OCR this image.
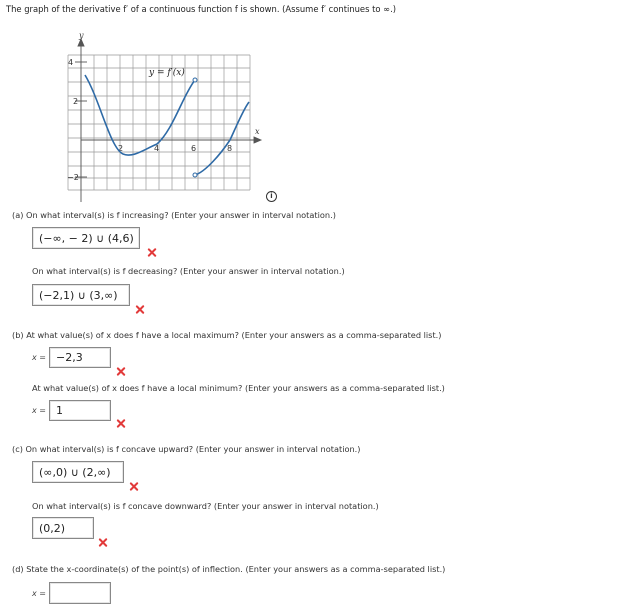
The graph of the derivative f′ of a continuous function f is shown. (Assume f′ continues to ∞.)
y
x
4
2
−2
2	4	6	8
y = f′(x)
i
(a) On what interval(s) is f increasing? (Enter your answer in interval notation.)
(−∞, − 2) ∪ (4,6)
On what interval(s) is f decreasing? (Enter your answer in interval notation.)
(−2,1) ∪ (3,∞)
(b) At what value(s) of x does f have a local maximum? (Enter your answers as a comma-separated list.)
x = −2,3
At what value(s) of x does f have a local minimum? (Enter your answers as a comma-separated list.)
x = 1
(c) On what interval(s) is f concave upward? (Enter your answer in interval notation.)
(∞,0) ∪ (2,∞)
On what interval(s) is f concave downward? (Enter your answer in interval notation.)
(0,2)
(d) State the x-coordinate(s) of the point(s) of inflection. (Enter your answers as a comma-separated list.)
x =
